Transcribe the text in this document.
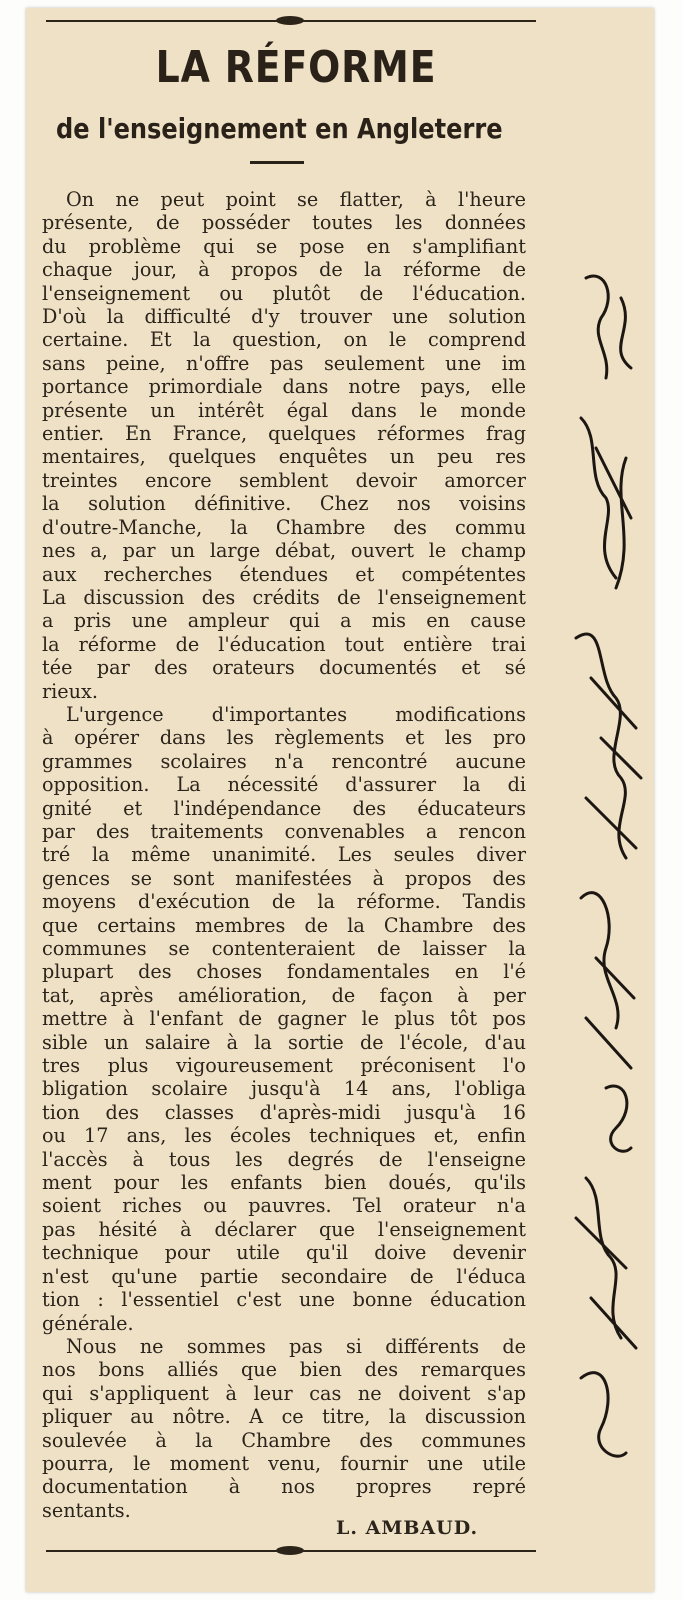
LA RÉFORME
de l'enseignement en Angleterre
On ne peut point se flatter, à l'heure
présente, de posséder toutes les données
du problème qui se pose en s'amplifiant
chaque jour, à propos de la réforme de
l'enseignement ou plutôt de l'éducation.
D'où la difficulté d'y trouver une solution
certaine. Et la question, on le comprend
sans peine, n'offre pas seulement une im
portance primordiale dans notre pays, elle
présente un intérêt égal dans le monde
entier. En France, quelques réformes frag
mentaires, quelques enquêtes un peu res
treintes encore semblent devoir amorcer
la solution définitive. Chez nos voisins
d'outre-Manche, la Chambre des commu
nes a, par un large débat, ouvert le champ
aux recherches étendues et compétentes
La discussion des crédits de l'enseignement
a pris une ampleur qui a mis en cause
la réforme de l'éducation tout entière trai
tée par des orateurs documentés et sé
rieux.
L'urgence d'importantes modifications
à opérer dans les règlements et les pro
grammes scolaires n'a rencontré aucune
opposition. La nécessité d'assurer la di
gnité et l'indépendance des éducateurs
par des traitements convenables a rencon
tré la même unanimité. Les seules diver
gences se sont manifestées à propos des
moyens d'exécution de la réforme. Tandis
que certains membres de la Chambre des
communes se contenteraient de laisser la
plupart des choses fondamentales en l'é
tat, après amélioration, de façon à per
mettre à l'enfant de gagner le plus tôt pos
sible un salaire à la sortie de l'école, d'au
tres plus vigoureusement préconisent l'o
bligation scolaire jusqu'à 14 ans, l'obliga
tion des classes d'après-midi jusqu'à 16
ou 17 ans, les écoles techniques et, enfin
l'accès à tous les degrés de l'enseigne
ment pour les enfants bien doués, qu'ils
soient riches ou pauvres. Tel orateur n'a
pas hésité à déclarer que l'enseignement
technique pour utile qu'il doive devenir
n'est qu'une partie secondaire de l'éduca
tion : l'essentiel c'est une bonne éducation
générale.
Nous ne sommes pas si différents de
nos bons alliés que bien des remarques
qui s'appliquent à leur cas ne doivent s'ap
pliquer au nôtre. A ce titre, la discussion
soulevée à la Chambre des communes
pourra, le moment venu, fournir une utile
documentation à nos propres repré
sentants.
L. AMBAUD.
